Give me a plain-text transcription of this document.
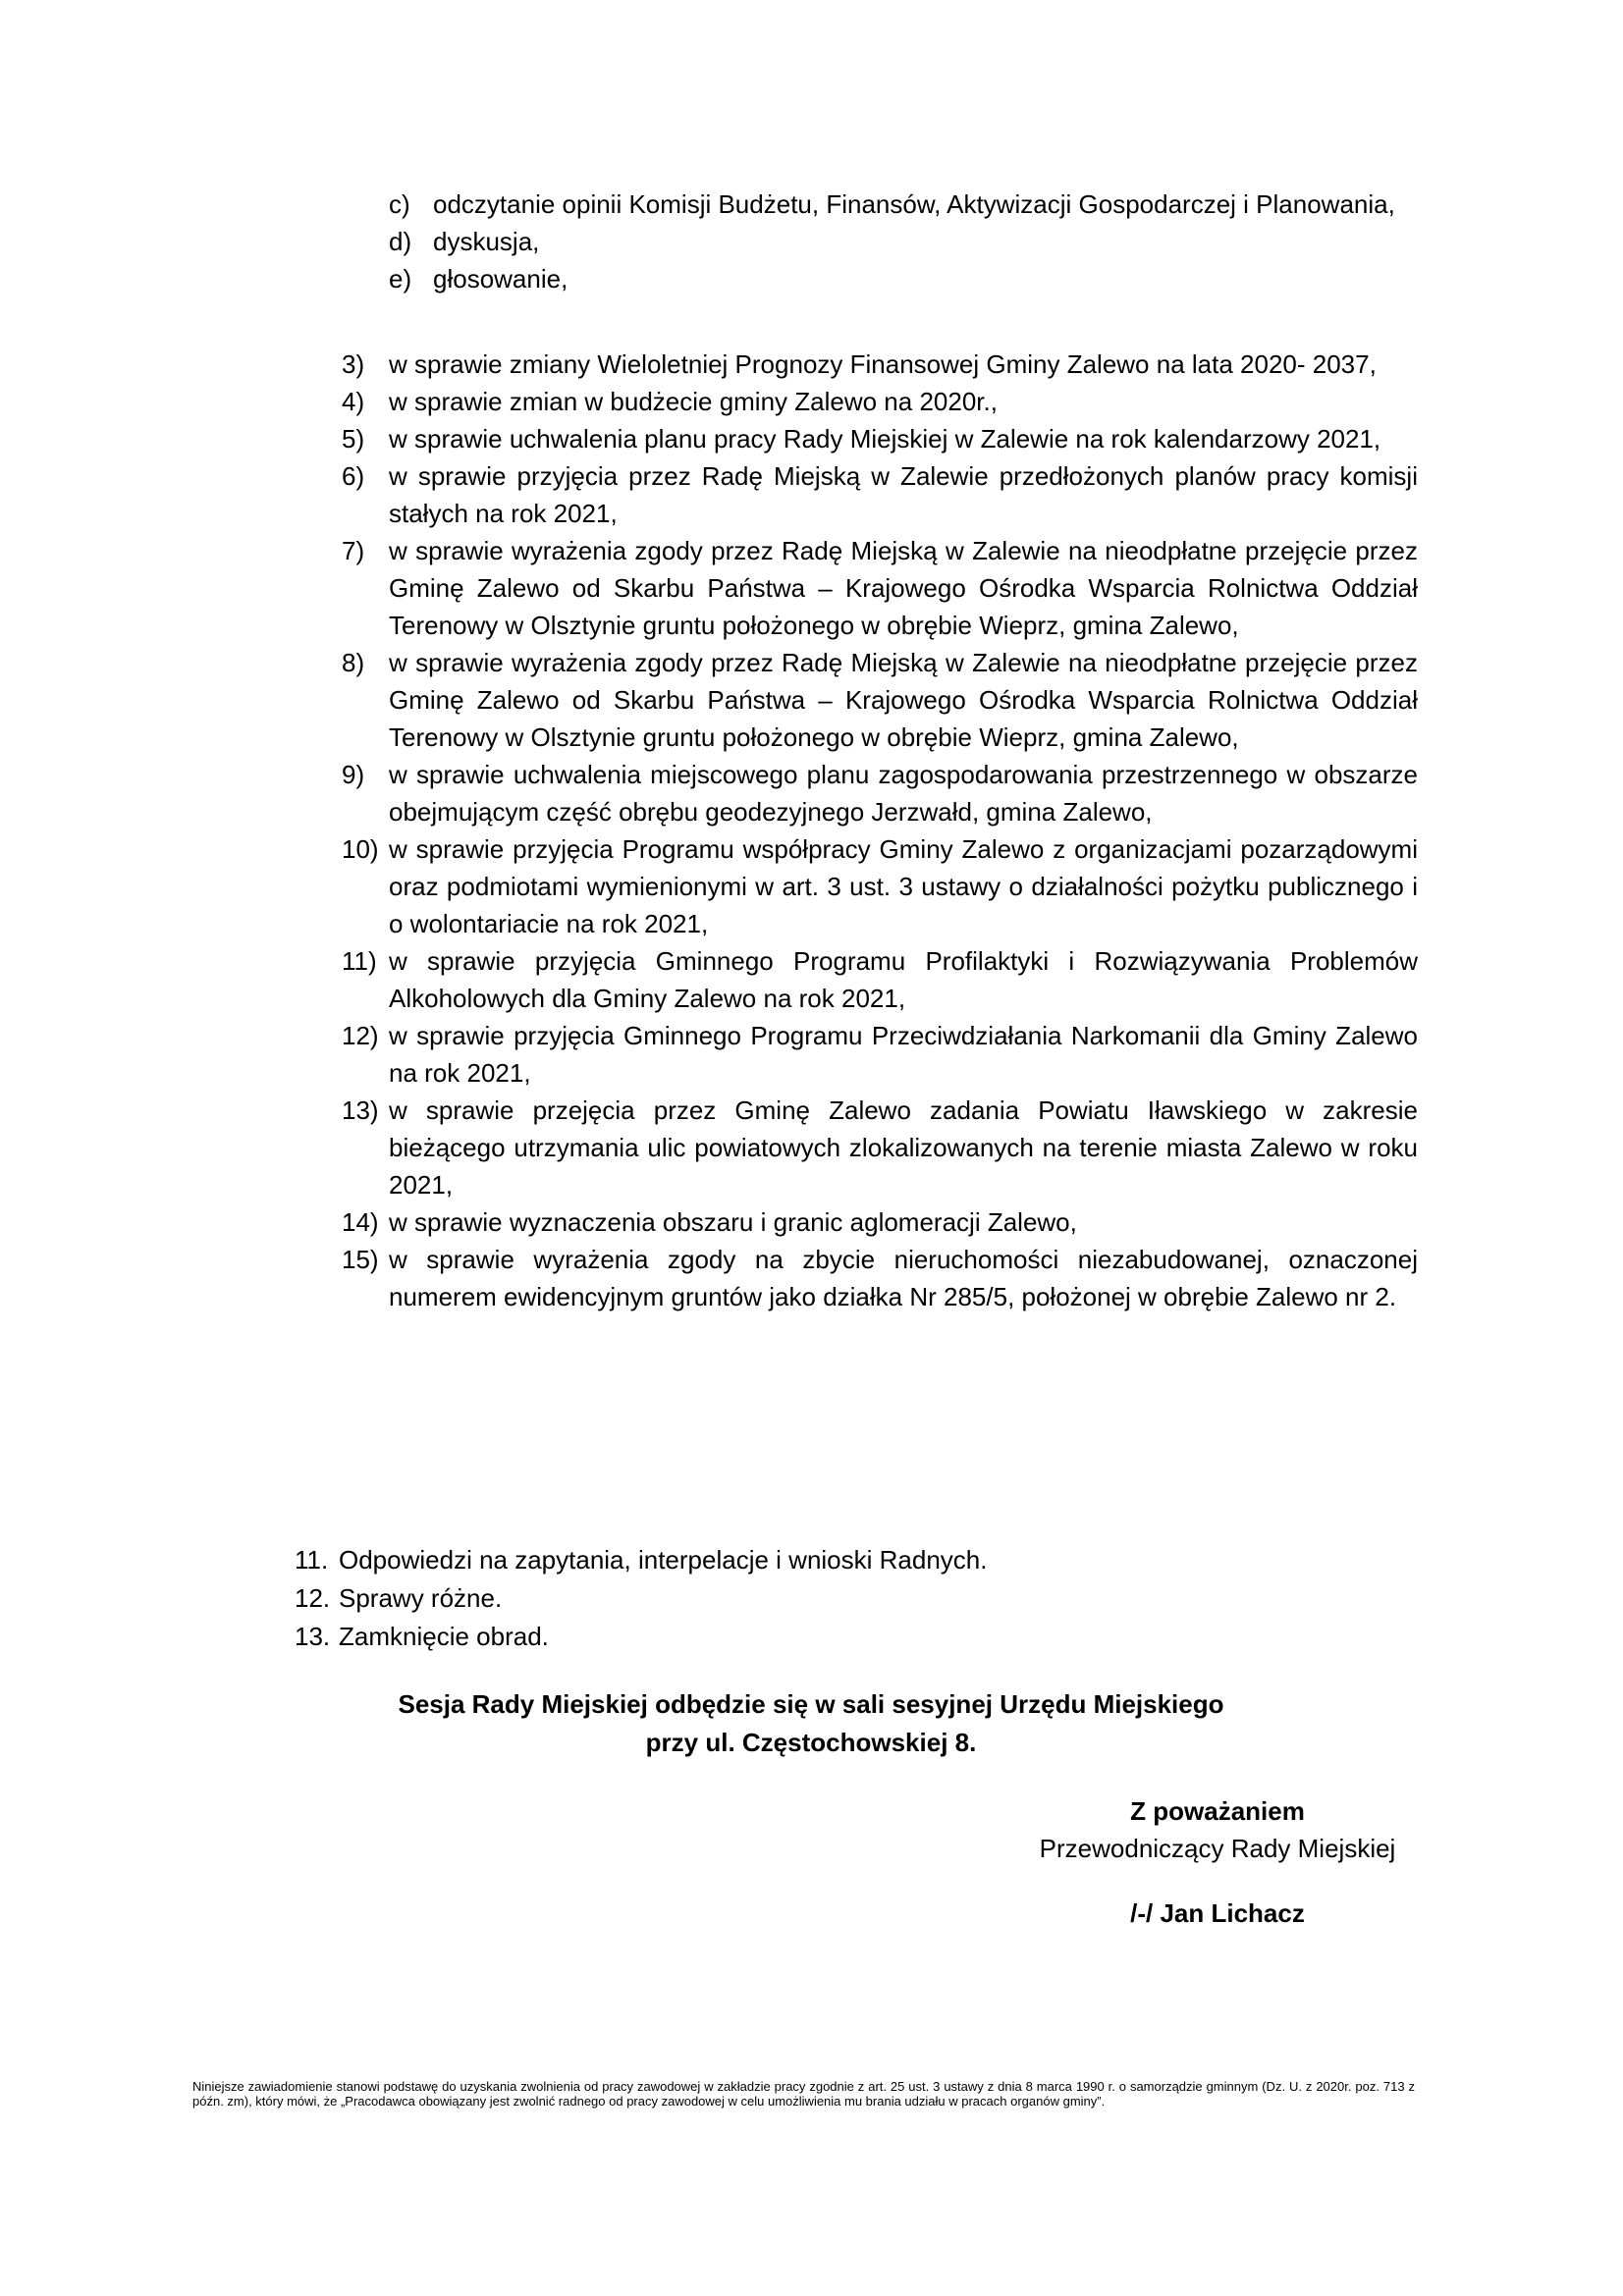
c) odczytanie opinii Komisji Budżetu, Finansów, Aktywizacji Gospodarczej i Planowania,
d) dyskusja,
e) głosowanie,
3) w sprawie zmiany Wieloletniej Prognozy Finansowej Gminy Zalewo na lata 2020- 2037,
4) w sprawie zmian w budżecie gminy Zalewo na 2020r.,
5) w sprawie uchwalenia planu pracy Rady Miejskiej w Zalewie na rok kalendarzowy 2021,
6) w sprawie przyjęcia przez Radę Miejską w Zalewie przedłożonych planów pracy komisji stałych na rok 2021,
7) w sprawie wyrażenia zgody przez Radę Miejską w Zalewie na nieodpłatne przejęcie przez Gminę Zalewo od Skarbu Państwa – Krajowego Ośrodka Wsparcia Rolnictwa Oddział Terenowy w Olsztynie gruntu położonego w obrębie Wieprz, gmina Zalewo,
8) w sprawie wyrażenia zgody przez Radę Miejską w Zalewie na nieodpłatne przejęcie przez Gminę Zalewo od Skarbu Państwa – Krajowego Ośrodka Wsparcia Rolnictwa Oddział Terenowy w Olsztynie gruntu położonego w obrębie Wieprz, gmina Zalewo,
9) w sprawie uchwalenia miejscowego planu zagospodarowania przestrzennego w obszarze obejmującym część obrębu geodezyjnego Jerzwałd, gmina Zalewo,
10) w sprawie przyjęcia Programu współpracy Gminy Zalewo z organizacjami pozarządowymi oraz podmiotami wymienionymi w art. 3 ust. 3 ustawy o działalności pożytku publicznego i o wolontariacie na rok 2021,
11) w sprawie przyjęcia Gminnego Programu Profilaktyki i Rozwiązywania Problemów Alkoholowych dla Gminy Zalewo na rok 2021,
12) w sprawie przyjęcia Gminnego Programu Przeciwdziałania Narkomanii dla Gminy Zalewo na rok 2021,
13) w sprawie przejęcia przez Gminę Zalewo zadania Powiatu Iławskiego w zakresie bieżącego utrzymania ulic powiatowych zlokalizowanych na terenie miasta Zalewo w roku 2021,
14) w sprawie wyznaczenia obszaru i granic aglomeracji Zalewo,
15) w sprawie wyrażenia zgody na zbycie nieruchomości niezabudowanej, oznaczonej numerem ewidencyjnym gruntów jako działka Nr 285/5, położonej w obrębie Zalewo nr 2.
11. Odpowiedzi na zapytania, interpelacje i wnioski Radnych.
12. Sprawy różne.
13. Zamknięcie obrad.
Sesja Rady Miejskiej odbędzie się w sali sesyjnej Urzędu Miejskiego
przy ul. Częstochowskiej 8.
Z poważaniem
Przewodniczący Rady Miejskiej
/-/ Jan Lichacz
Niniejsze zawiadomienie stanowi podstawę do uzyskania zwolnienia od pracy zawodowej w zakładzie pracy zgodnie z art. 25 ust. 3 ustawy z dnia 8 marca 1990 r. o samorządzie gminnym (Dz. U. z 2020r. poz. 713 z późn. zm), który mówi, że „Pracodawca obowiązany jest zwolnić radnego od pracy zawodowej w celu umożliwienia mu brania udziału w pracach organów gminy”.
